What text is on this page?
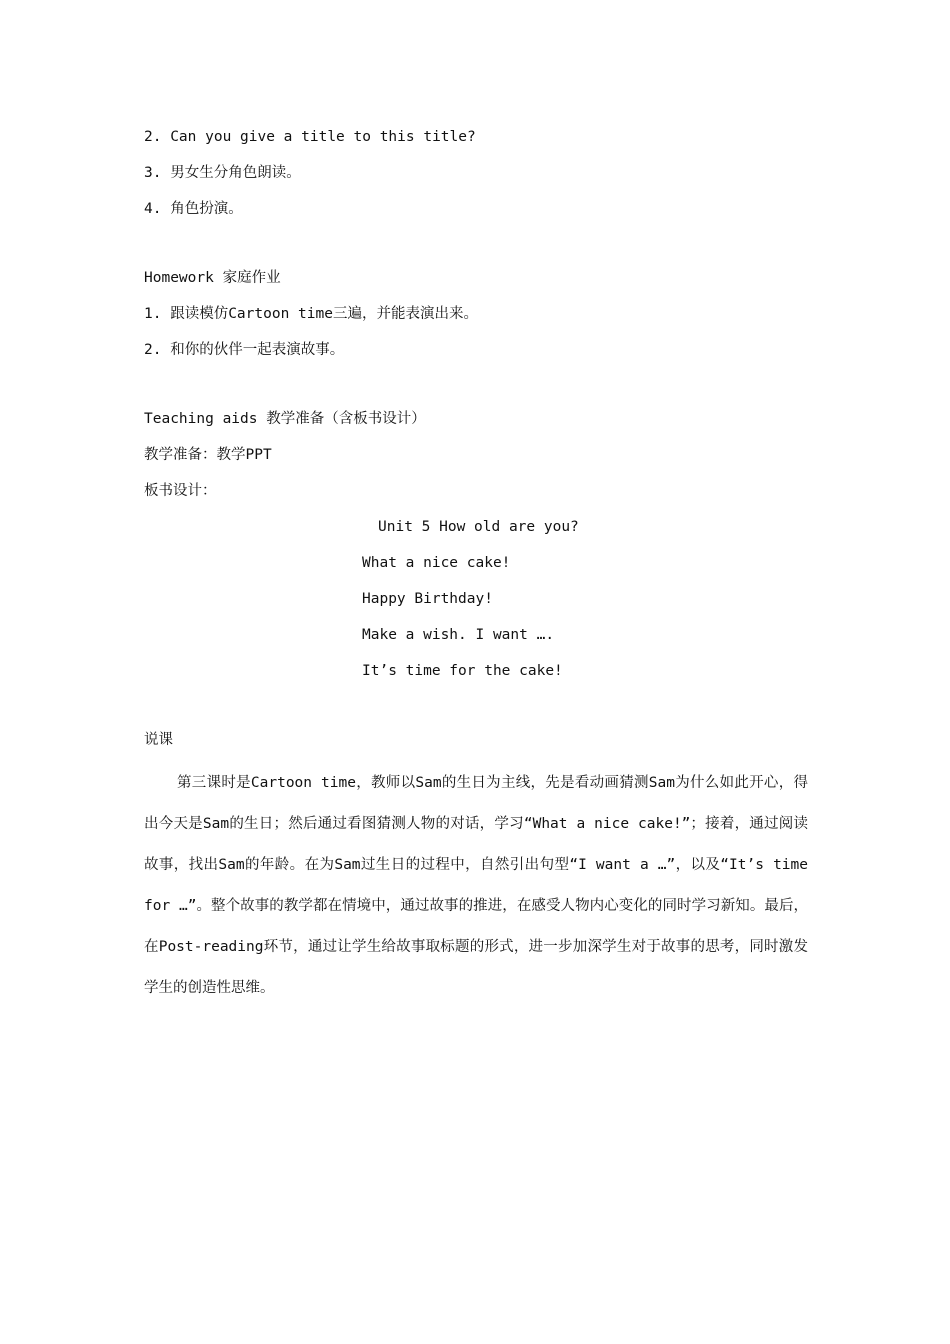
2. Can you give a title to this title?
3. 男女生分角色朗读。
4. 角色扮演。
Homework 家庭作业
1. 跟读模仿Cartoon time三遍，并能表演出来。
2. 和你的伙伴一起表演故事。
Teaching aids 教学准备（含板书设计）
教学准备：教学PPT
板书设计：
Unit 5 How old are you?
What a nice cake!
Happy Birthday!
Make a wish. I want ….
It’s time for the cake!
说课
第三课时是Cartoon time，教师以Sam的生日为主线，先是看动画猜测Sam为什么如此开心，得出今天是Sam的生日；然后通过看图猜测人物的对话，学习“What a nice cake!”；接着，通过阅读故事，找出Sam的年龄。在为Sam过生日的过程中，自然引出句型“I want a …”，以及“It’s time for …”。整个故事的教学都在情境中，通过故事的推进，在感受人物内心变化的同时学习新知。最后，在Post-reading环节，通过让学生给故事取标题的形式，进一步加深学生对于故事的思考，同时激发学生的创造性思维。
